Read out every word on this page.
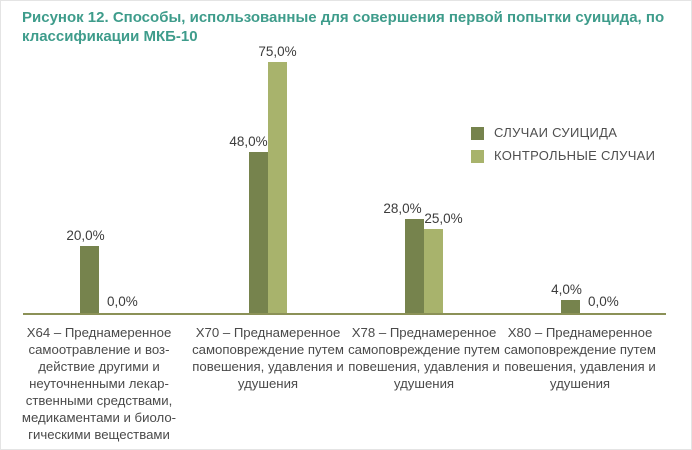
Рисунок 12. Способы, использованные для совершения первой попытки суицида, по
классификации МКБ-10
20,0%
0,0%
48,0%
75,0%
28,0%
25,0%
4,0%
0,0%
СЛУЧАИ СУИЦИДА
КОНТРОЛЬНЫЕ СЛУЧАИ
X64 – Преднамеренное
самоотравление и воз-
действие другими и
неуточненными лекар-
ственными средствами,
медикаментами и биоло-
гическими веществами
X70 – Преднамеренное
самоповреждение путем
повешения, удавления и
удушения
X78 – Преднамеренное
самоповреждение путем
повешения, удавления и
удушения
X80 – Преднамеренное
самоповреждение путем
повешения, удавления и
удушения
